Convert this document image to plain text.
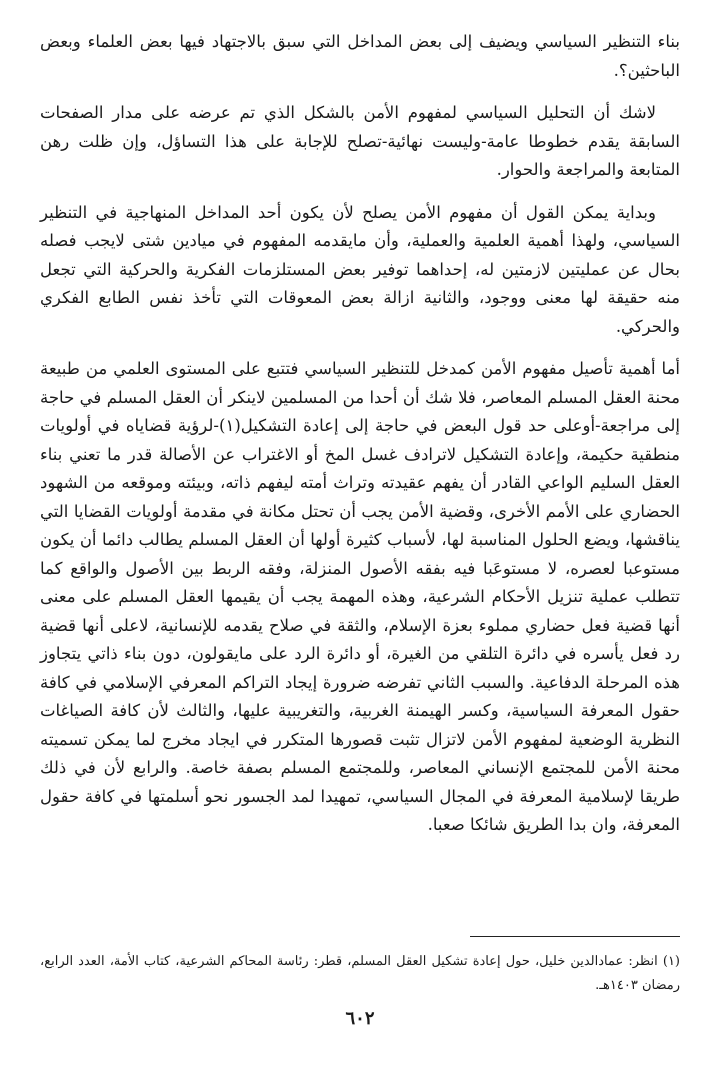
بناء التنظير السياسي ويضيف إلى بعض المداخل التي سبق بالاجتهاد فيها بعض العلماء وبعض الباحثين؟.

لاشك أن التحليل السياسي لمفهوم الأمن بالشكل الذي تم عرضه على مدار الصفحات السابقة يقدم خطوطا عامة-وليست نهائية-تصلح للإجابة على هذا التساؤل، وإن ظلت رهن المتابعة والمراجعة والحوار.

وبداية يمكن القول أن مفهوم الأمن يصلح لأن يكون أحد المداخل المنهاجية في التنظير السياسي، ولهذا أهمية العلمية والعملية، وأن مايقدمه المفهوم في ميادين شتى لايجب فصله بحال عن عمليتين لازمتين له، إحداهما توفير بعض المستلزمات الفكرية والحركية التي تجعل منه حقيقة لها معنى ووجود، والثانية ازالة بعض المعوقات التي تأخذ نفس الطابع الفكري والحركي.

أما أهمية تأصيل مفهوم الأمن كمدخل للتنظير السياسي فتتبع على المستوى العلمي من طبيعة محنة العقل المسلم المعاصر، فلا شك أن أحدا من المسلمين لاينكر أن العقل المسلم في حاجة إلى مراجعة-أوعلى حد قول البعض في حاجة إلى إعادة التشكيل(١)-لرؤية قضاياه في أولويات منطقية حكيمة، وإعادة التشكيل لاترادف غسل المخ أو الاغتراب عن الأصالة قدر ما تعني بناء العقل السليم الواعي القادر أن يفهم عقيدته وتراث أمته ليفهم ذاته، وبيئته وموقعه من الشهود الحضاري على الأمم الأخرى، وقضية الأمن يجب أن تحتل مكانة في مقدمة أولويات القضايا التي يناقشها، ويضع الحلول المناسبة لها، لأسباب كثيرة أولها أن العقل المسلم يطالب دائما أن يكون مستوعبا لعصره، لا مستوعَبا فيه بفقه الأصول المنزلة، وفقه الربط بين الأصول والواقع كما تتطلب عملية تنزيل الأحكام الشرعية، وهذه المهمة يجب أن يقيمها العقل المسلم على معنى أنها قضية فعل حضاري مملوء بعزة الإسلام، والثقة في صلاح يقدمه للإنسانية، لاعلى أنها قضية رد فعل يأسره في دائرة التلقي من الغيرة، أو دائرة الرد على مايقولون، دون بناء ذاتي يتجاوز هذه المرحلة الدفاعية. والسبب الثاني تفرضه ضرورة إيجاد التراكم المعرفي الإسلامي في كافة حقول المعرفة السياسية، وكسر الهيمنة الغربية، والتغريبية عليها، والثالث لأن كافة الصياغات النظرية الوضعية لمفهوم الأمن لاتزال تثبت قصورها المتكرر في ايجاد مخرج لما يمكن تسميته محنة الأمن للمجتمع الإنساني المعاصر، وللمجتمع المسلم بصفة خاصة. والرابع لأن في ذلك طريقا لإسلامية المعرفة في المجال السياسي، تمهيدا لمد الجسور نحو أسلمتها في كافة حقول المعرفة، وان بدا الطريق شائكا صعبا.

(١) انظر: عمادالدين خليل، حول إعادة تشكيل العقل المسلم، قطر: رئاسة المحاكم الشرعية، كتاب الأمة، العدد الرابع، رمضان ١٤٠٣هـ.
٦٠٢
